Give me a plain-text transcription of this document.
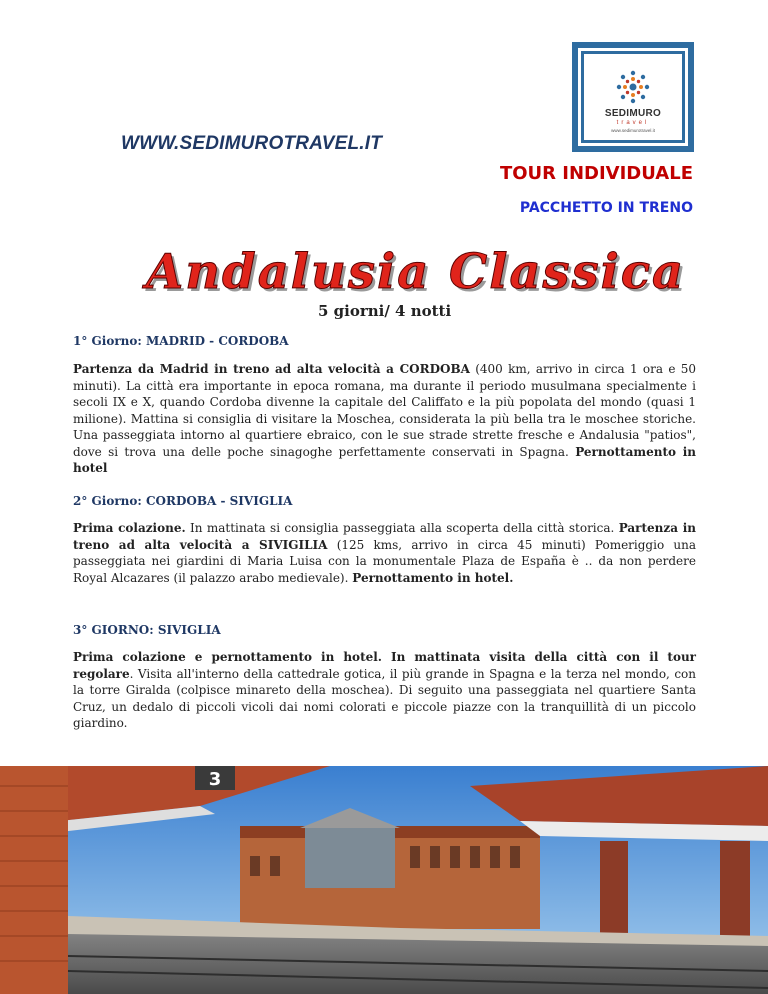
WWW.SEDIMUROTRAVEL.IT
SEDIMURO
travel
www.sedimurotravel.it
TOUR INDIVIDUALE
PACCHETTO IN TRENO
Andalusia Classica
5 giorni/ 4 notti
1° Giorno: MADRID - CORDOBA

Partenza da Madrid in treno ad alta velocità a CORDOBA (400 km, arrivo in circa 1 ora e 50 minuti). La città era importante in epoca romana, ma durante il periodo musulmana specialmente i secoli IX e X, quando Cordoba divenne la capitale del Califfato e la più popolata del mondo (quasi 1 milione). Mattina si consiglia di visitare la Moschea, considerata la più bella tra le moschee storiche. Una passeggiata intorno al quartiere ebraico, con le sue strade strette fresche e Andalusia "patios", dove si trova una delle poche sinagoghe perfettamente conservati in Spagna. Pernottamento in hotel

2° Giorno: CORDOBA - SIVIGLIA

Prima colazione. In mattinata si consiglia passeggiata alla scoperta della città storica. Partenza in treno ad alta velocità a SIVIGILIA (125 kms, arrivo in circa 45 minuti) Pomeriggio una passeggiata nei giardini di Maria Luisa con la monumentale Plaza de España è .. da non perdere Royal Alcazares (il palazzo arabo medievale). Pernottamento in hotel.

3° GIORNO: SIVIGLIA

Prima colazione e pernottamento in hotel. In mattinata visita della città con il tour regolare. Visita all'interno della cattedrale gotica, il più grande in Spagna e la terza nel mondo, con la torre Giralda (colpisce minareto della moschea). Di seguito una passeggiata nel quartiere Santa Cruz, un dedalo di piccoli vicoli dai nomi colorati e piccole piazze con la tranquillità di un piccolo giardino.

3
